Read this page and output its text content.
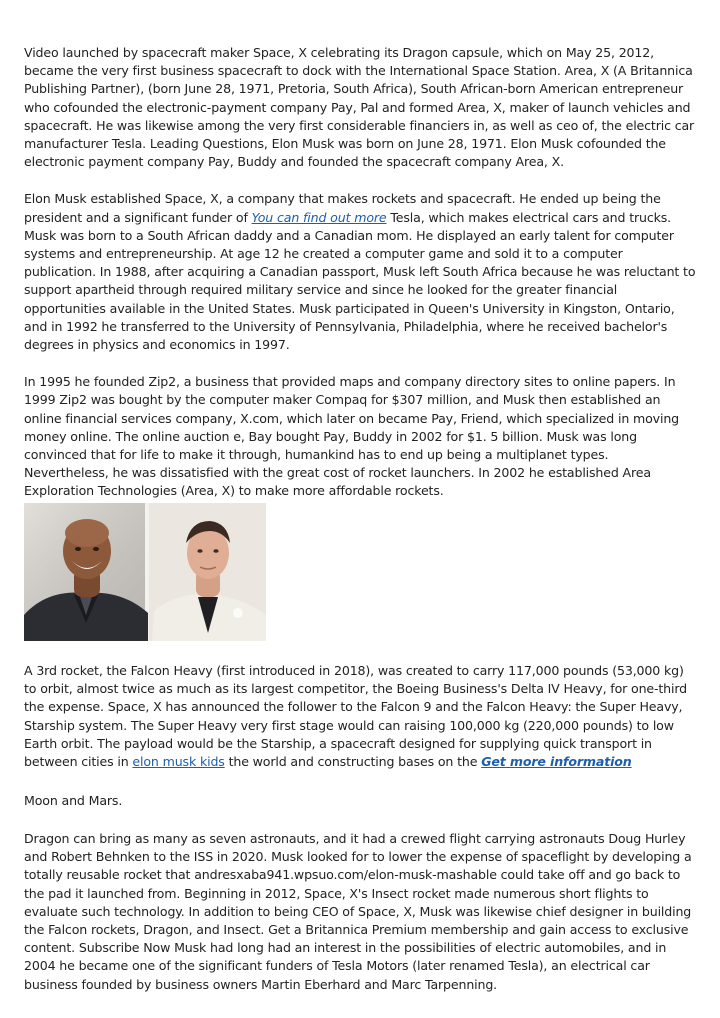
Video launched by spacecraft maker Space, X celebrating its Dragon capsule, which on May 25, 2012, became the very first business spacecraft to dock with the International Space Station. Area, X (A Britannica Publishing Partner), (born June 28, 1971, Pretoria, South Africa), South African-born American entrepreneur who cofounded the electronic-payment company Pay, Pal and formed Area, X, maker of launch vehicles and spacecraft. He was likewise among the very first considerable financiers in, as well as ceo of, the electric car manufacturer Tesla. Leading Questions, Elon Musk was born on June 28, 1971. Elon Musk cofounded the electronic payment company Pay, Buddy and founded the spacecraft company Area, X.

Elon Musk established Space, X, a company that makes rockets and spacecraft. He ended up being the president and a significant funder of You can find out more Tesla, which makes electrical cars and trucks. Musk was born to a South African daddy and a Canadian mom. He displayed an early talent for computer systems and entrepreneurship. At age 12 he created a computer game and sold it to a computer publication. In 1988, after acquiring a Canadian passport, Musk left South Africa because he was reluctant to support apartheid through required military service and since he looked for the greater financial opportunities available in the United States. Musk participated in Queen's University in Kingston, Ontario, and in 1992 he transferred to the University of Pennsylvania, Philadelphia, where he received bachelor's degrees in physics and economics in 1997.

In 1995 he founded Zip2, a business that provided maps and company directory sites to online papers. In 1999 Zip2 was bought by the computer maker Compaq for $307 million, and Musk then established an online financial services company, X.com, which later on became Pay, Friend, which specialized in moving money online. The online auction e, Bay bought Pay, Buddy in 2002 for $1. 5 billion. Musk was long convinced that for life to make it through, humankind has to end up being a multiplanet types. Nevertheless, he was dissatisfied with the great cost of rocket launchers. In 2002 he established Area Exploration Technologies (Area, X) to make more affordable rockets.

A 3rd rocket, the Falcon Heavy (first introduced in 2018), was created to carry 117,000 pounds (53,000 kg) to orbit, almost twice as much as its largest competitor, the Boeing Business's Delta IV Heavy, for one-third the expense. Space, X has announced the follower to the Falcon 9 and the Falcon Heavy: the Super Heavy, Starship system. The Super Heavy very first stage would can raising 100,000 kg (220,000 pounds) to low Earth orbit. The payload would be the Starship, a spacecraft designed for supplying quick transport in between cities in elon musk kids the world and constructing bases on the Get more information

Moon and Mars.

Dragon can bring as many as seven astronauts, and it had a crewed flight carrying astronauts Doug Hurley and Robert Behnken to the ISS in 2020. Musk looked for to lower the expense of spaceflight by developing a totally reusable rocket that andresxaba941.wpsuo.com/elon-musk-mashable could take off and go back to the pad it launched from. Beginning in 2012, Space, X's Insect rocket made numerous short flights to evaluate such technology. In addition to being CEO of Space, X, Musk was likewise chief designer in building the Falcon rockets, Dragon, and Insect. Get a Britannica Premium membership and gain access to exclusive content. Subscribe Now Musk had long had an interest in the possibilities of electric automobiles, and in 2004 he became one of the significant funders of Tesla Motors (later renamed Tesla), an electrical car business founded by business owners Martin Eberhard and Marc Tarpenning.
